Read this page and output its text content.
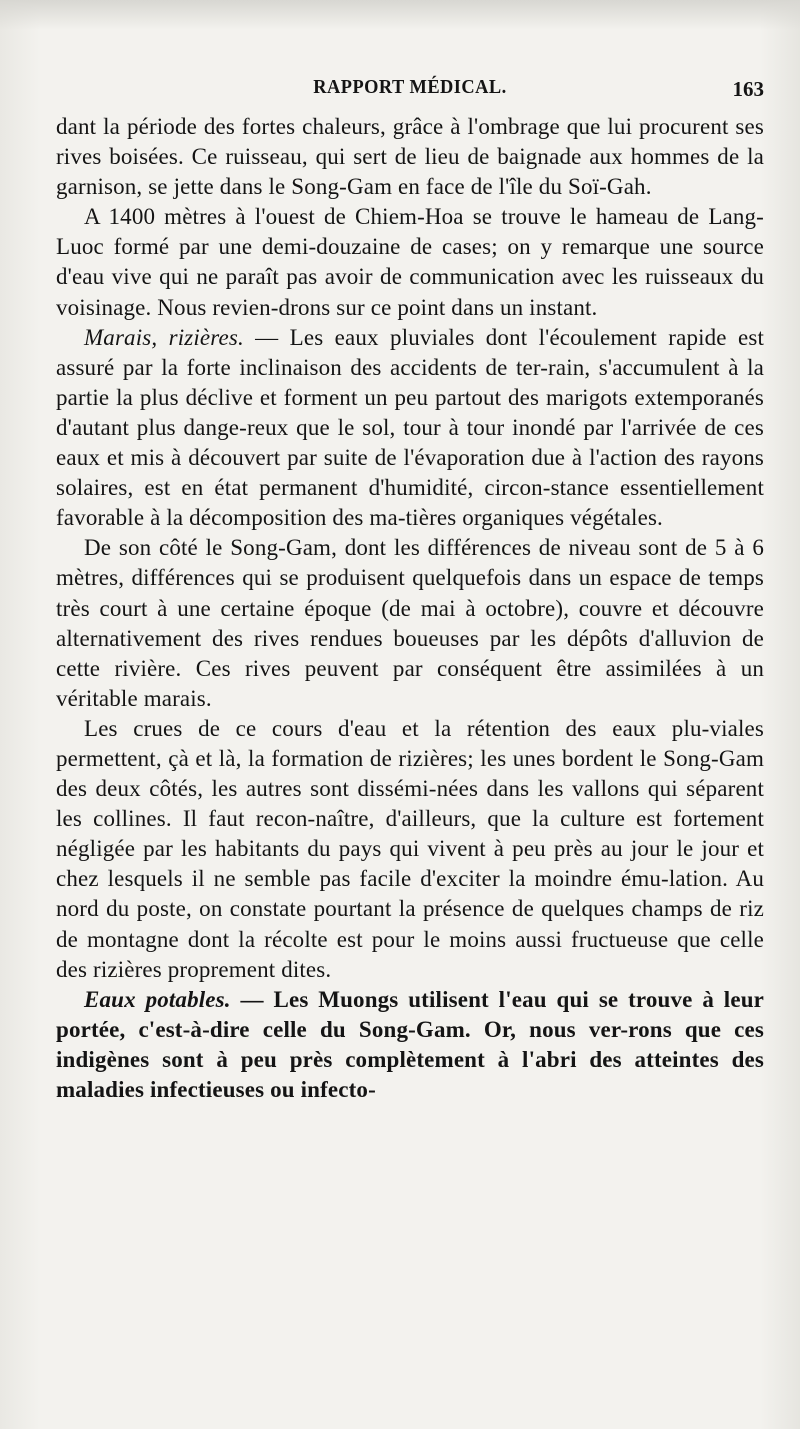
RAPPORT MÉDICAL.	163

dant la période des fortes chaleurs, grâce à l'ombrage que lui procurent ses rives boisées. Ce ruisseau, qui sert de lieu de baignade aux hommes de la garnison, se jette dans le Song-Gam en face de l'île du Soï-Gah.

A 1400 mètres à l'ouest de Chiem-Hoa se trouve le hameau de Lang-Luoc formé par une demi-douzaine de cases; on y remarque une source d'eau vive qui ne paraît pas avoir de communication avec les ruisseaux du voisinage. Nous revien-drons sur ce point dans un instant.

Marais, rizières. — Les eaux pluviales dont l'écoulement rapide est assuré par la forte inclinaison des accidents de ter-rain, s'accumulent à la partie la plus déclive et forment un peu partout des marigots extemporanés d'autant plus dange-reux que le sol, tour à tour inondé par l'arrivée de ces eaux et mis à découvert par suite de l'évaporation due à l'action des rayons solaires, est en état permanent d'humidité, circon-stance essentiellement favorable à la décomposition des ma-tières organiques végétales.

De son côté le Song-Gam, dont les différences de niveau sont de 5 à 6 mètres, différences qui se produisent quelquefois dans un espace de temps très court à une certaine époque (de mai à octobre), couvre et découvre alternativement des rives rendues boueuses par les dépôts d'alluvion de cette rivière. Ces rives peuvent par conséquent être assimilées à un véritable marais.

Les crues de ce cours d'eau et la rétention des eaux plu-viales permettent, çà et là, la formation de rizières; les unes bordent le Song-Gam des deux côtés, les autres sont dissémi-nées dans les vallons qui séparent les collines. Il faut recon-naître, d'ailleurs, que la culture est fortement négligée par les habitants du pays qui vivent à peu près au jour le jour et chez lesquels il ne semble pas facile d'exciter la moindre ému-lation. Au nord du poste, on constate pourtant la présence de quelques champs de riz de montagne dont la récolte est pour le moins aussi fructueuse que celle des rizières proprement dites.

Eaux potables. — Les Muongs utilisent l'eau qui se trouve à leur portée, c'est-à-dire celle du Song-Gam. Or, nous ver-rons que ces indigènes sont à peu près complètement à l'abri des atteintes des maladies infectieuses ou infecto-
